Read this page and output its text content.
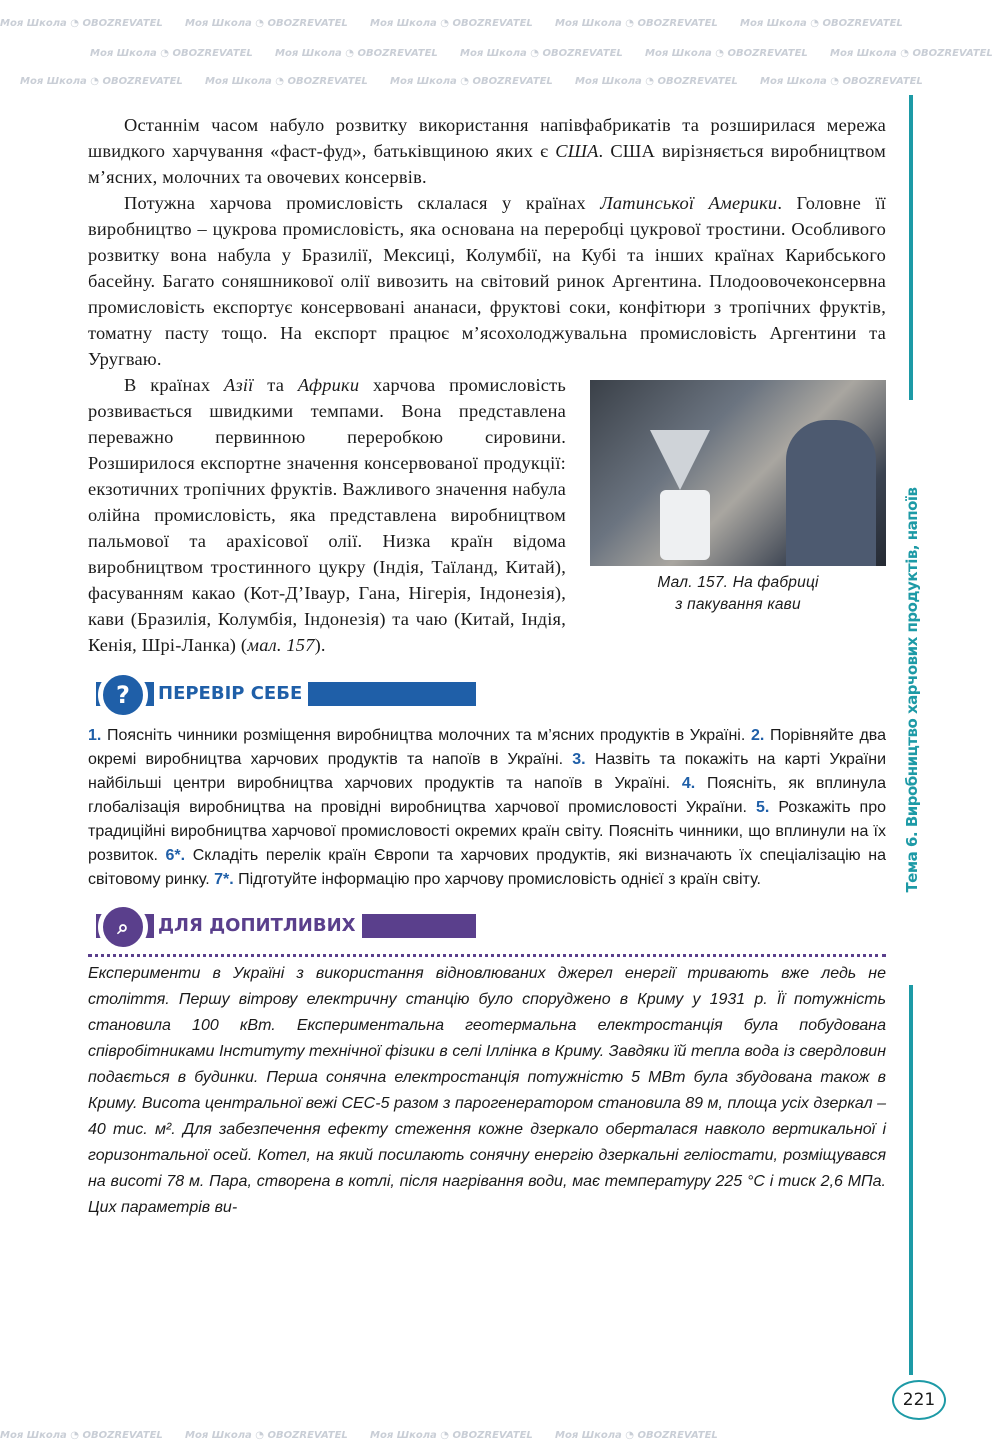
Моя Школа ◔ OBOZREVATEL Моя Школа ◔ OBOZREVATEL Моя Школа ◔ OBOZREVATEL Моя Школа ◔ OBOZREVATEL Моя Школа ◔ OBOZREVATEL
Моя Школа ◔ OBOZREVATEL Моя Школа ◔ OBOZREVATEL Моя Школа ◔ OBOZREVATEL Моя Школа ◔ OBOZREVATEL Моя Школа ◔ OBOZREVATEL
Моя Школа ◔ OBOZREVATEL Моя Школа ◔ OBOZREVATEL Моя Школа ◔ OBOZREVATEL Моя Школа ◔ OBOZREVATEL Моя Школа ◔ OBOZREVATEL
Моя Школа ◔ OBOZREVATEL Моя Школа ◔ OBOZREVATEL Моя Школа ◔ OBOZREVATEL Моя Школа ◔ OBOZREVATEL

Останнім часом набуло розвитку використання напівфабрикатів та розширилася мережа швидкого харчування «фаст-фуд», батьківщиною яких є США. США вирізняється виробництвом м’ясних, молочних та овочевих консервів.

Потужна харчова промисловість склалася у країнах Латинської Америки. Головне її виробництво – цукрова промисловість, яка основана на переробці цукрової тростини. Особливого розвитку вона набула у Бразилії, Мексиці, Колумбії, на Кубі та інших країнах Карибського басейну. Багато соняшникової олії вивозить на світовий ринок Аргентина. Плодоовочеконсервна промисловість експортує консервовані ананаси, фруктові соки, конфітюри з тропічних фруктів, томатну пасту тощо. На експорт працює м’ясохолоджувальна промисловість Аргентини та Уругваю.

Мал. 157. На фабриці
з пакування кави
В країнах Азії та Африки харчова промисловість розвивається швидкими темпами. Вона представлена переважно первинною переробкою сировини. Розширилося експортне значення консервованої продукції: екзотичних тропічних фруктів. Важливого значення набула олійна промисловість, яка представлена виробництвом пальмової та арахісової олії. Низка країн відома виробництвом тростинного цукру (Індія, Таїланд, Китай), фасуванням какао (Кот-Д’Іваур, Гана, Нігерія, Індонезія), кави (Бразилія, Колумбія, Індонезія) та чаю (Китай, Індія, Кенія, Шрі-Ланка) (мал. 157).
?	ПЕРЕВІР СЕБЕ
1. Поясніть чинники розміщення виробництва молочних та м’ясних продуктів в Україні. 2. Порівняйте два окремі виробництва харчових продуктів та напоїв в Україні. 3. Назвіть та покажіть на карті України найбільші центри виробництва харчових продуктів та напоїв в Україні. 4. Поясніть, як вплинула глобалізація виробництва на провідні виробництва харчової промисловості України. 5. Розкажіть про традиційні виробництва харчової промисловості окремих країн світу. Поясніть чинники, що вплинули на їх розвиток. 6*. Складіть перелік країн Європи та харчових продуктів, які визначають їх спеціалізацію на світовому ринку. 7*. Підготуйте інформацію про харчову промисловість однієї з країн світу.
⌕	ДЛЯ ДОПИТЛИВИХ
Експерименти в Україні з використання відновлюваних джерел енергії тривають вже ледь не століття. Першу вітрову електричну станцію було споруджено в Криму у 1931 р. Її потужність становила 100 кВт. Експериментальна геотермальна електростанція була побудована співробітниками Інституту технічної фізики в селі Іллінка в Криму. Завдяки їй тепла вода із свердловин подається в будинки. Перша сонячна електростанція потужністю 5 МВт була збудована також в Криму. Висота центральної вежі СЕС-5 разом з парогенератором становила 89 м, площа усіх дзеркал – 40 тис. м². Для забезпечення ефекту стеження кожне дзеркало оберталася навколо вертикальної і горизонтальної осей. Котел, на який посилають сонячну енергію дзеркальні геліостати, розміщувався на висоті 78 м. Пара, створена в котлі, після нагрівання води, має температуру 225 °С і тиск 2,6 МПа. Цих параметрів ви-
Тема 6. Виробництво харчових продуктів, напоїв
221
